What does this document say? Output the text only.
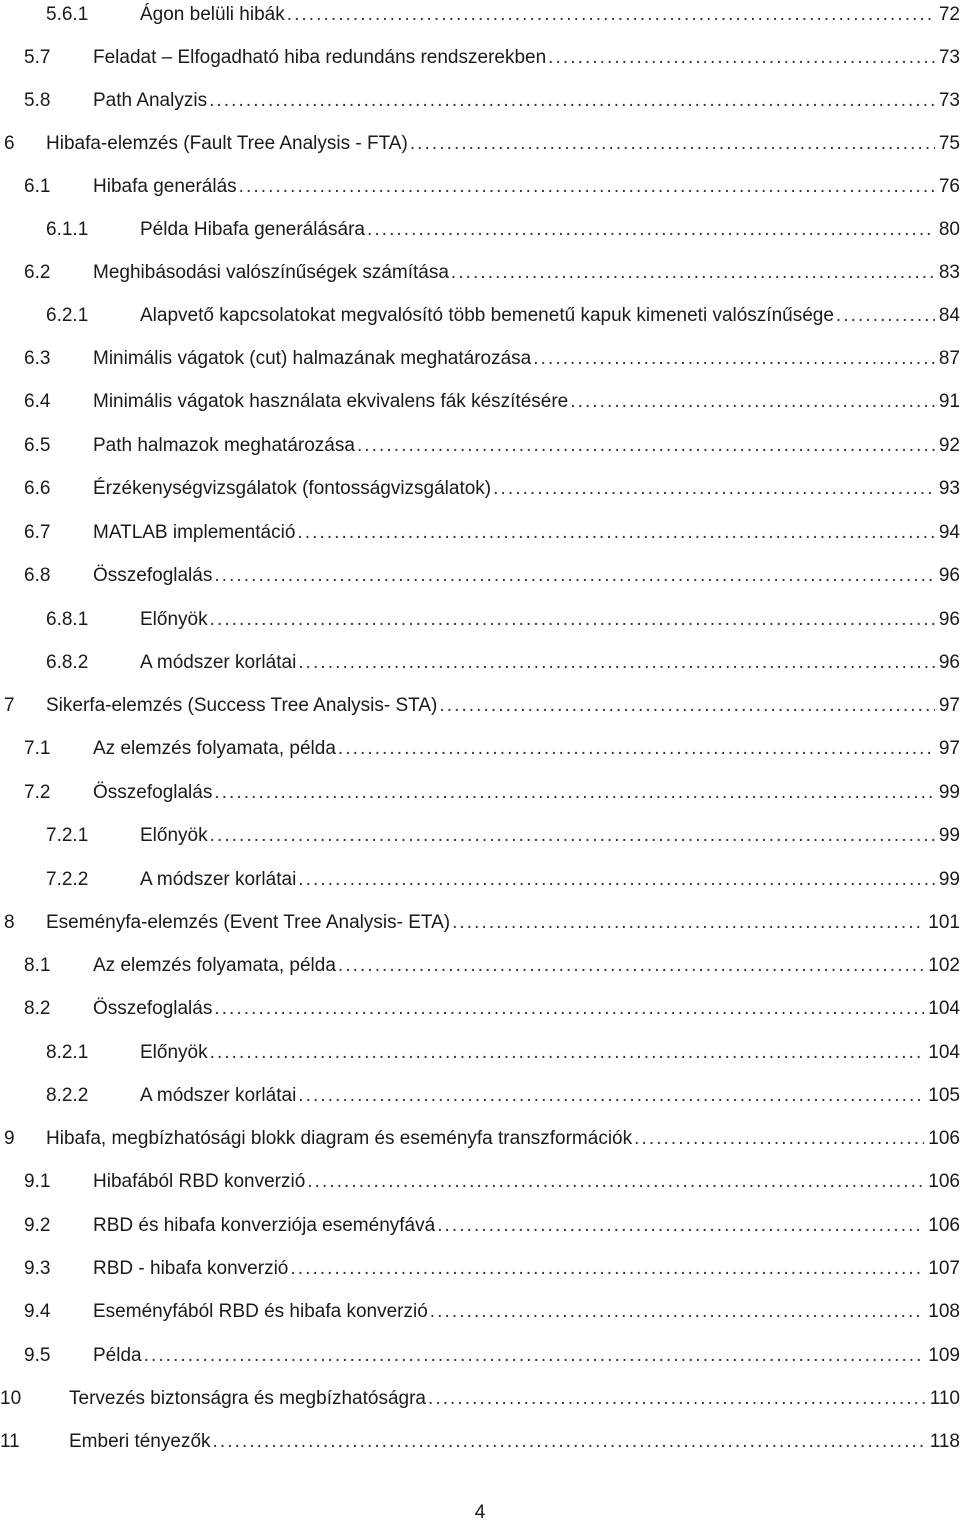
5.6.1	Ágon belüli hibák . . .	72
5.7 Feladat – Elfogadható hiba redundáns rendszerekben . . .	73
5.8 Path Analyzis . . .	73
6 Hibafa-elemzés (Fault Tree Analysis - FTA) . . .	75
6.1 Hibafa generálás . . .	76
6.1.1	Példa Hibafa generálására . . .	80
6.2 Meghibásodási valószínűségek számítása . . .	83
6.2.1	Alapvető kapcsolatokat megvalósító több bemenetű kapuk kimeneti valószínűsége . . .	84
6.3 Minimális vágatok (cut) halmazának meghatározása . . .	87
6.4 Minimális vágatok használata ekvivalens fák készítésére . . .	91
6.5 Path halmazok meghatározása . . .	92
6.6 Érzékenységvizsgálatok (fontosságvizsgálatok) . . .	93
6.7 MATLAB implementáció . . .	94
6.8 Összefoglalás . . .	96
6.8.1	Előnyök . . .	96
6.8.2	A módszer korlátai . . .	96
7 Sikerfa-elemzés (Success Tree Analysis- STA) . . .	97
7.1 Az elemzés folyamata, példa . . .	97
7.2 Összefoglalás . . .	99
7.2.1	Előnyök . . .	99
7.2.2	A módszer korlátai . . .	99
8 Eseményfa-elemzés (Event Tree Analysis- ETA) . . .	101
8.1 Az elemzés folyamata, példa . . .	102
8.2 Összefoglalás . . .	104
8.2.1	Előnyök . . .	104
8.2.2	A módszer korlátai . . .	105
9 Hibafa, megbízhatósági blokk diagram és eseményfa transzformációk . . .	106
9.1 Hibafából RBD konverzió . . .	106
9.2 RBD és hibafa konverziója eseményfává . . .	106
9.3 RBD - hibafa konverzió . . .	107
9.4 Eseményfából RBD és hibafa konverzió . . .	108
9.5 Példa . . .	109
10	Tervezés biztonságra és megbízhatóságra . . .	110
11	Emberi tényezők . . .	118
4
